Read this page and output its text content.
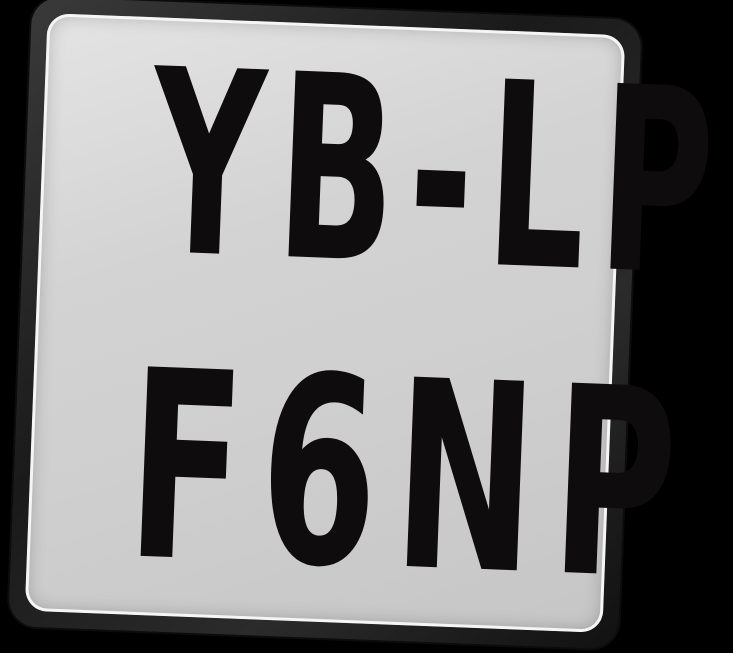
YB-LP
F6NP
